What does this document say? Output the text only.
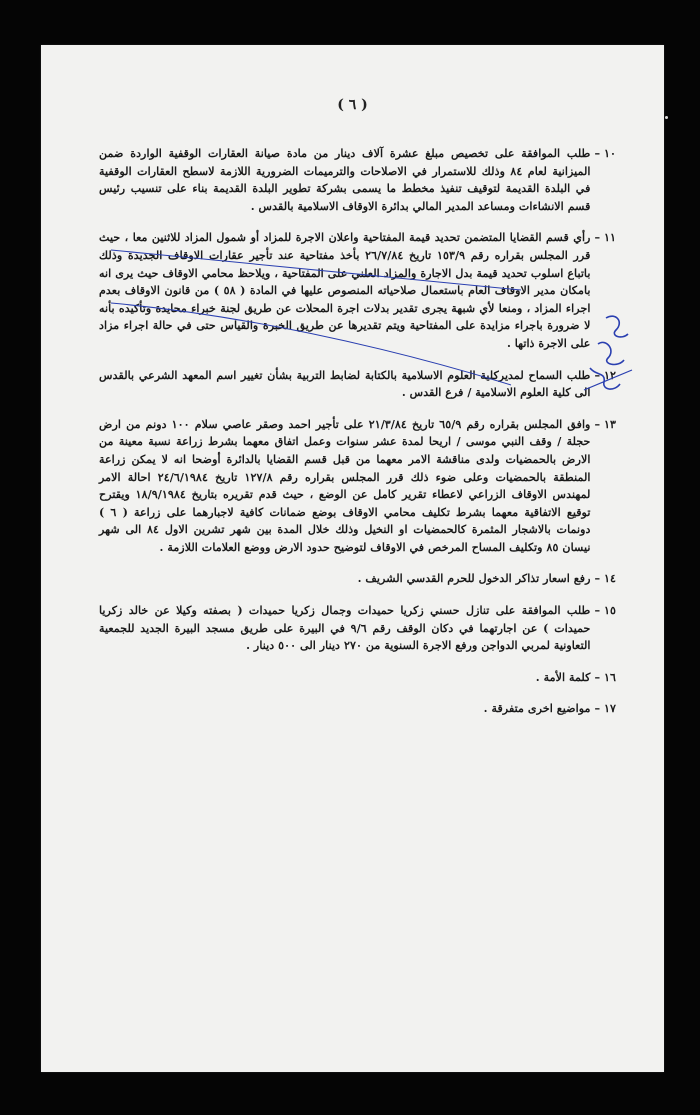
( ٦ )
١٠ –

طلب الموافقة على تخصيص مبلغ عشرة آلاف دينار من مادة صيانة العقارات الوقفية الواردة ضمن الميزانية لعام ٨٤ وذلك للاستمرار في الاصلاحات والترميمات الضرورية اللازمة لاسطح العقارات الوقفية في البلدة القديمة لتوقيف تنفيذ مخطط ما يسمى بشركة تطوير البلدة القديمة بناء على تنسيب رئيس قسم الانشاءات ومساعد المدير المالي بدائرة الاوقاف الاسلامية بالقدس .

١١ –

رأي قسم القضايا المتضمن تحديد قيمة المفتاحية واعلان الاجرة للمزاد أو شمول المزاد للاثنين معا ، حيث قرر المجلس بقراره رقم ١٥٣/٩ تاريخ ٢٦/٧/٨٤ بأخذ مفتاحية عند تأجير عقارات الاوقاف الجديدة وذلك باتباع اسلوب تحديد قيمة بدل الاجارة والمزاد العلني على المفتاحية ، ويلاحظ محامي الاوقاف حيث يرى انه بامكان مدير الاوقاف العام باستعمال صلاحياته المنصوص عليها في المادة ( ٥٨ ) من قانون الاوقاف بعدم اجراء المزاد ، ومنعا لأي شبهة يجرى تقدير بدلات اجرة المحلات عن طريق لجنة خبراء محايدة وتأكيده بأنه لا ضرورة باجراء مزايدة على المفتاحية ويتم تقديرها عن طريق الخبرة والقياس حتى في حالة اجراء مزاد على الاجرة ذاتها .

١٢ –

طلب السماح لمديركلية العلوم الاسلامية بالكتابة لضابط التربية بشأن تغيير اسم المعهد الشرعي بالقدس الى كلية العلوم الاسلامية / فرع القدس .

١٣ –

وافق المجلس بقراره رقم ٦٥/٩ تاريخ ٢١/٣/٨٤ على تأجير احمد وصقر عاصي سلام ١٠٠ دونم من ارض حجلة / وقف النبي موسى / اريحا لمدة عشر سنوات وعمل اتفاق معهما بشرط زراعة نسبة معينة من الارض بالحمضيات ولدى مناقشة الامر معهما من قبل قسم القضايا بالدائرة أوضحا انه لا يمكن زراعة المنطقة بالحمضيات وعلى ضوء ذلك قرر المجلس بقراره رقم ١٢٧/٨ تاريخ ٢٤/٦/١٩٨٤ احالة الامر لمهندس الاوقاف الزراعي لاعطاء تقرير كامل عن الوضع ، حيث قدم تقريره بتاريخ ١٨/٩/١٩٨٤ ويقترح توقيع الاتفاقية معهما بشرط تكليف محامي الاوقاف بوضع ضمانات كافية لاجبارهما على زراعة ( ٦ ) دونمات بالاشجار المثمرة كالحمضيات او النخيل وذلك خلال المدة بين شهر تشرين الاول ٨٤ الى شهر نيسان ٨٥ وتكليف المساح المرخص في الاوقاف لتوضيح حدود الارض ووضع العلامات اللازمة .

١٤ –

رفع اسعار تذاكر الدخول للحرم القدسي الشريف .

١٥ –

طلب الموافقة على تنازل حسني زكريا حميدات وجمال زكريا حميدات ( بصفته وكيلا عن خالد زكريا حميدات ) عن اجارتهما في دكان الوقف رقم ٩/٦ في البيرة على طريق مسجد البيرة الجديد للجمعية التعاونية لمربي الدواجن ورفع الاجرة السنوية من ٢٧٠ دينار الى ٥٠٠ دينار .

١٦ –

كلمة الأمة .

١٧ –

مواضيع اخرى متفرقة .
